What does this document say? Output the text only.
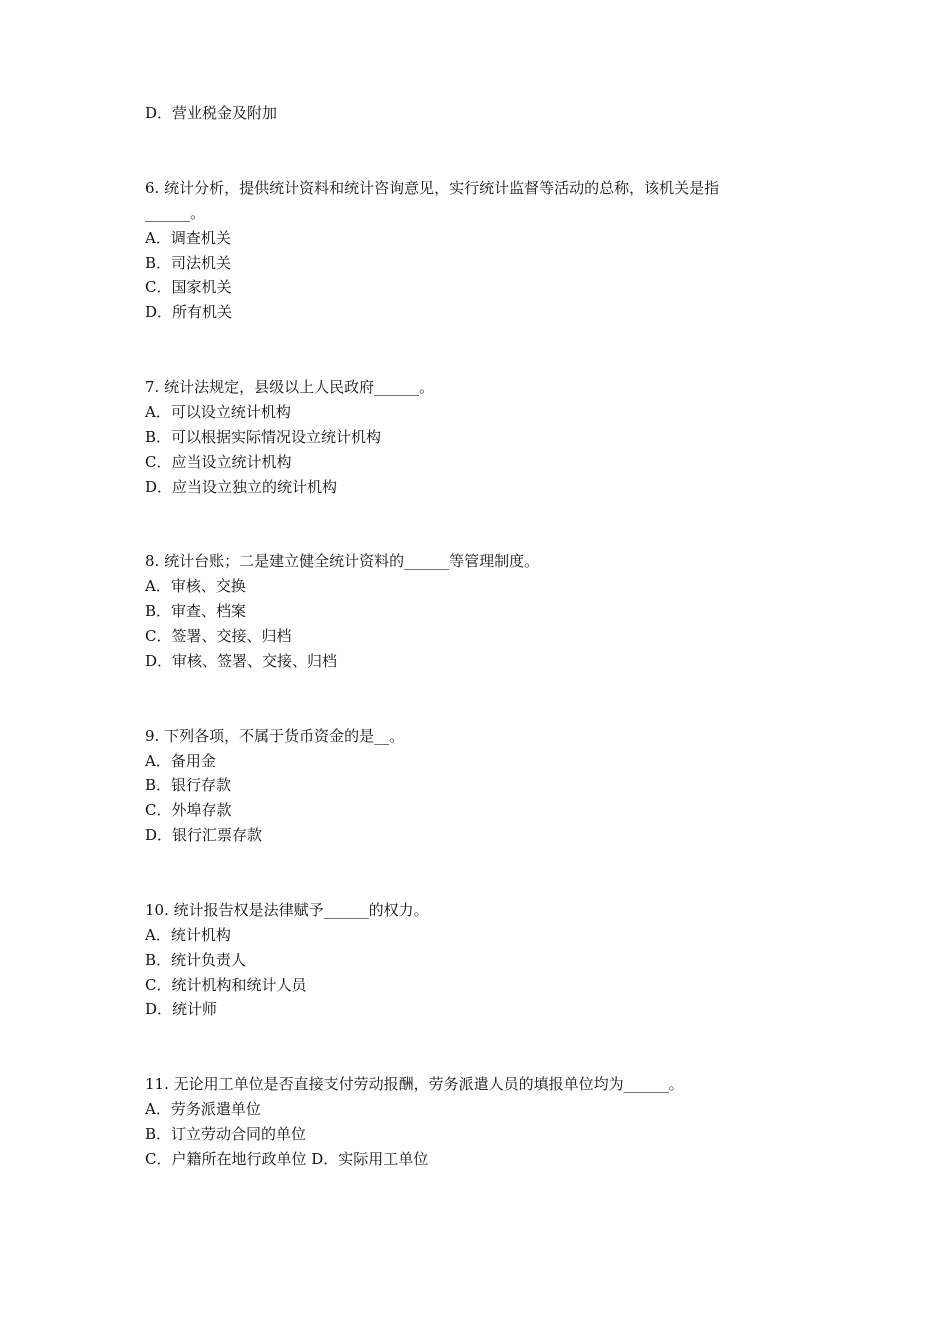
D．营业税金及附加
6. 统计分析，提供统计资料和统计咨询意见，实行统计监督等活动的总称，该机关是指
______。
A．调查机关
B．司法机关
C．国家机关
D．所有机关
7. 统计法规定，县级以上人民政府______。
A．可以设立统计机构
B．可以根据实际情况设立统计机构
C．应当设立统计机构
D．应当设立独立的统计机构
8. 统计台账；二是建立健全统计资料的______等管理制度。
A．审核、交换
B．审查、档案
C．签署、交接、归档
D．审核、签署、交接、归档
9. 下列各项，不属于货币资金的是__。
A．备用金
B．银行存款
C．外埠存款
D．银行汇票存款
10. 统计报告权是法律赋予______的权力。
A．统计机构
B．统计负责人
C．统计机构和统计人员
D．统计师
11. 无论用工单位是否直接支付劳动报酬，劳务派遣人员的填报单位均为______。
A．劳务派遣单位
B．订立劳动合同的单位
C．户籍所在地行政单位 D．实际用工单位
